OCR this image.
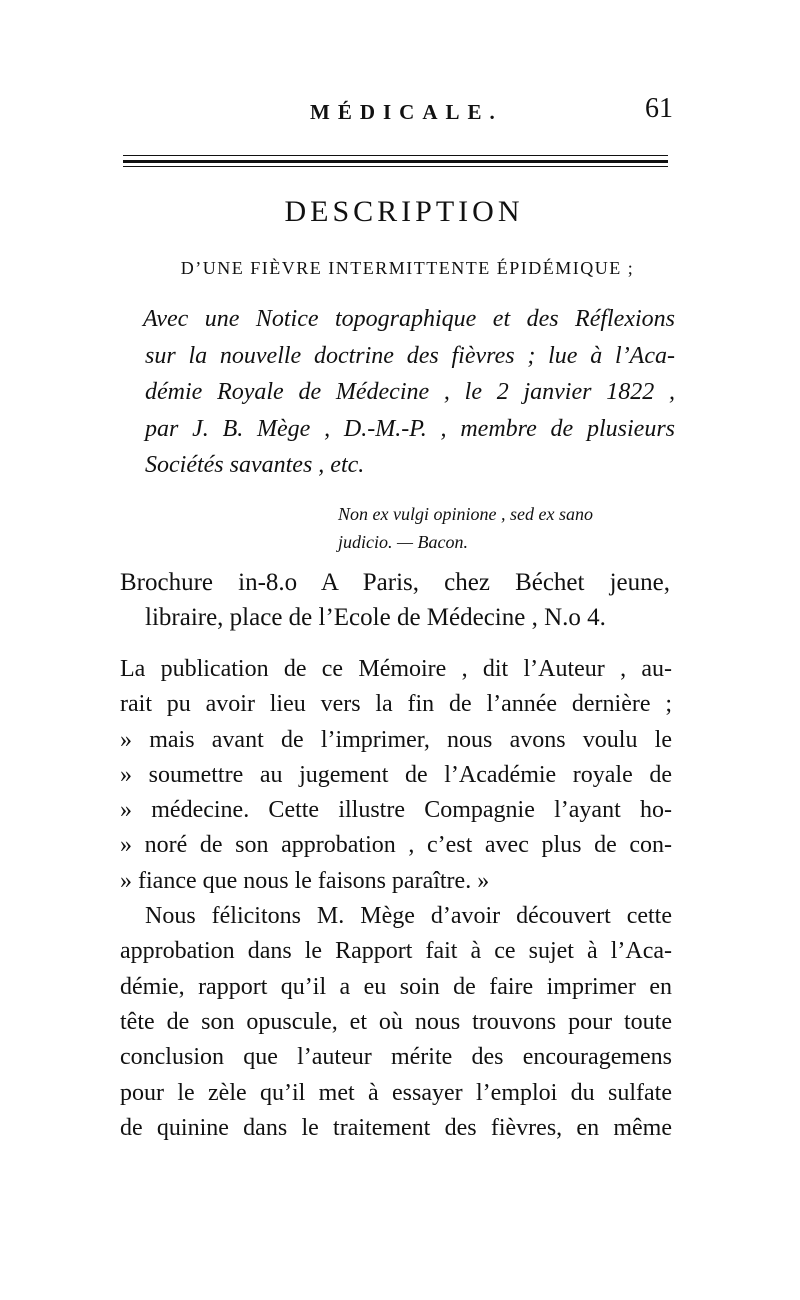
MÉDICALE.	61
DESCRIPTION
D’UNE FIÈVRE INTERMITTENTE ÉPIDÉMIQUE ;
Avec une Notice topographique et des Réflexions
sur la nouvelle doctrine des fièvres ; lue à l’Aca-
démie Royale de Médecine , le 2 janvier 1822 ,
par J. B. Mège , D.-M.-P. , membre de plusieurs
Sociétés savantes , etc.
Non ex vulgi opinione , sed ex sano
judicio. — Bacon.
Brochure in-8.o A Paris, chez Béchet jeune,
libraire, place de l’Ecole de Médecine , N.o 4.
La publication de ce Mémoire , dit l’Auteur , au-
rait pu avoir lieu vers la fin de l’année dernière ;
» mais avant de l’imprimer, nous avons voulu le
» soumettre au jugement de l’Académie royale de
» médecine. Cette illustre Compagnie l’ayant ho-
» noré de son approbation , c’est avec plus de con-
» fiance que nous le faisons paraître. »
Nous félicitons M. Mège d’avoir découvert cette
approbation dans le Rapport fait à ce sujet à l’Aca-
démie, rapport qu’il a eu soin de faire imprimer en
tête de son opuscule, et où nous trouvons pour toute
conclusion que l’auteur mérite des encouragemens
pour le zèle qu’il met à essayer l’emploi du sulfate
de quinine dans le traitement des fièvres, en même
